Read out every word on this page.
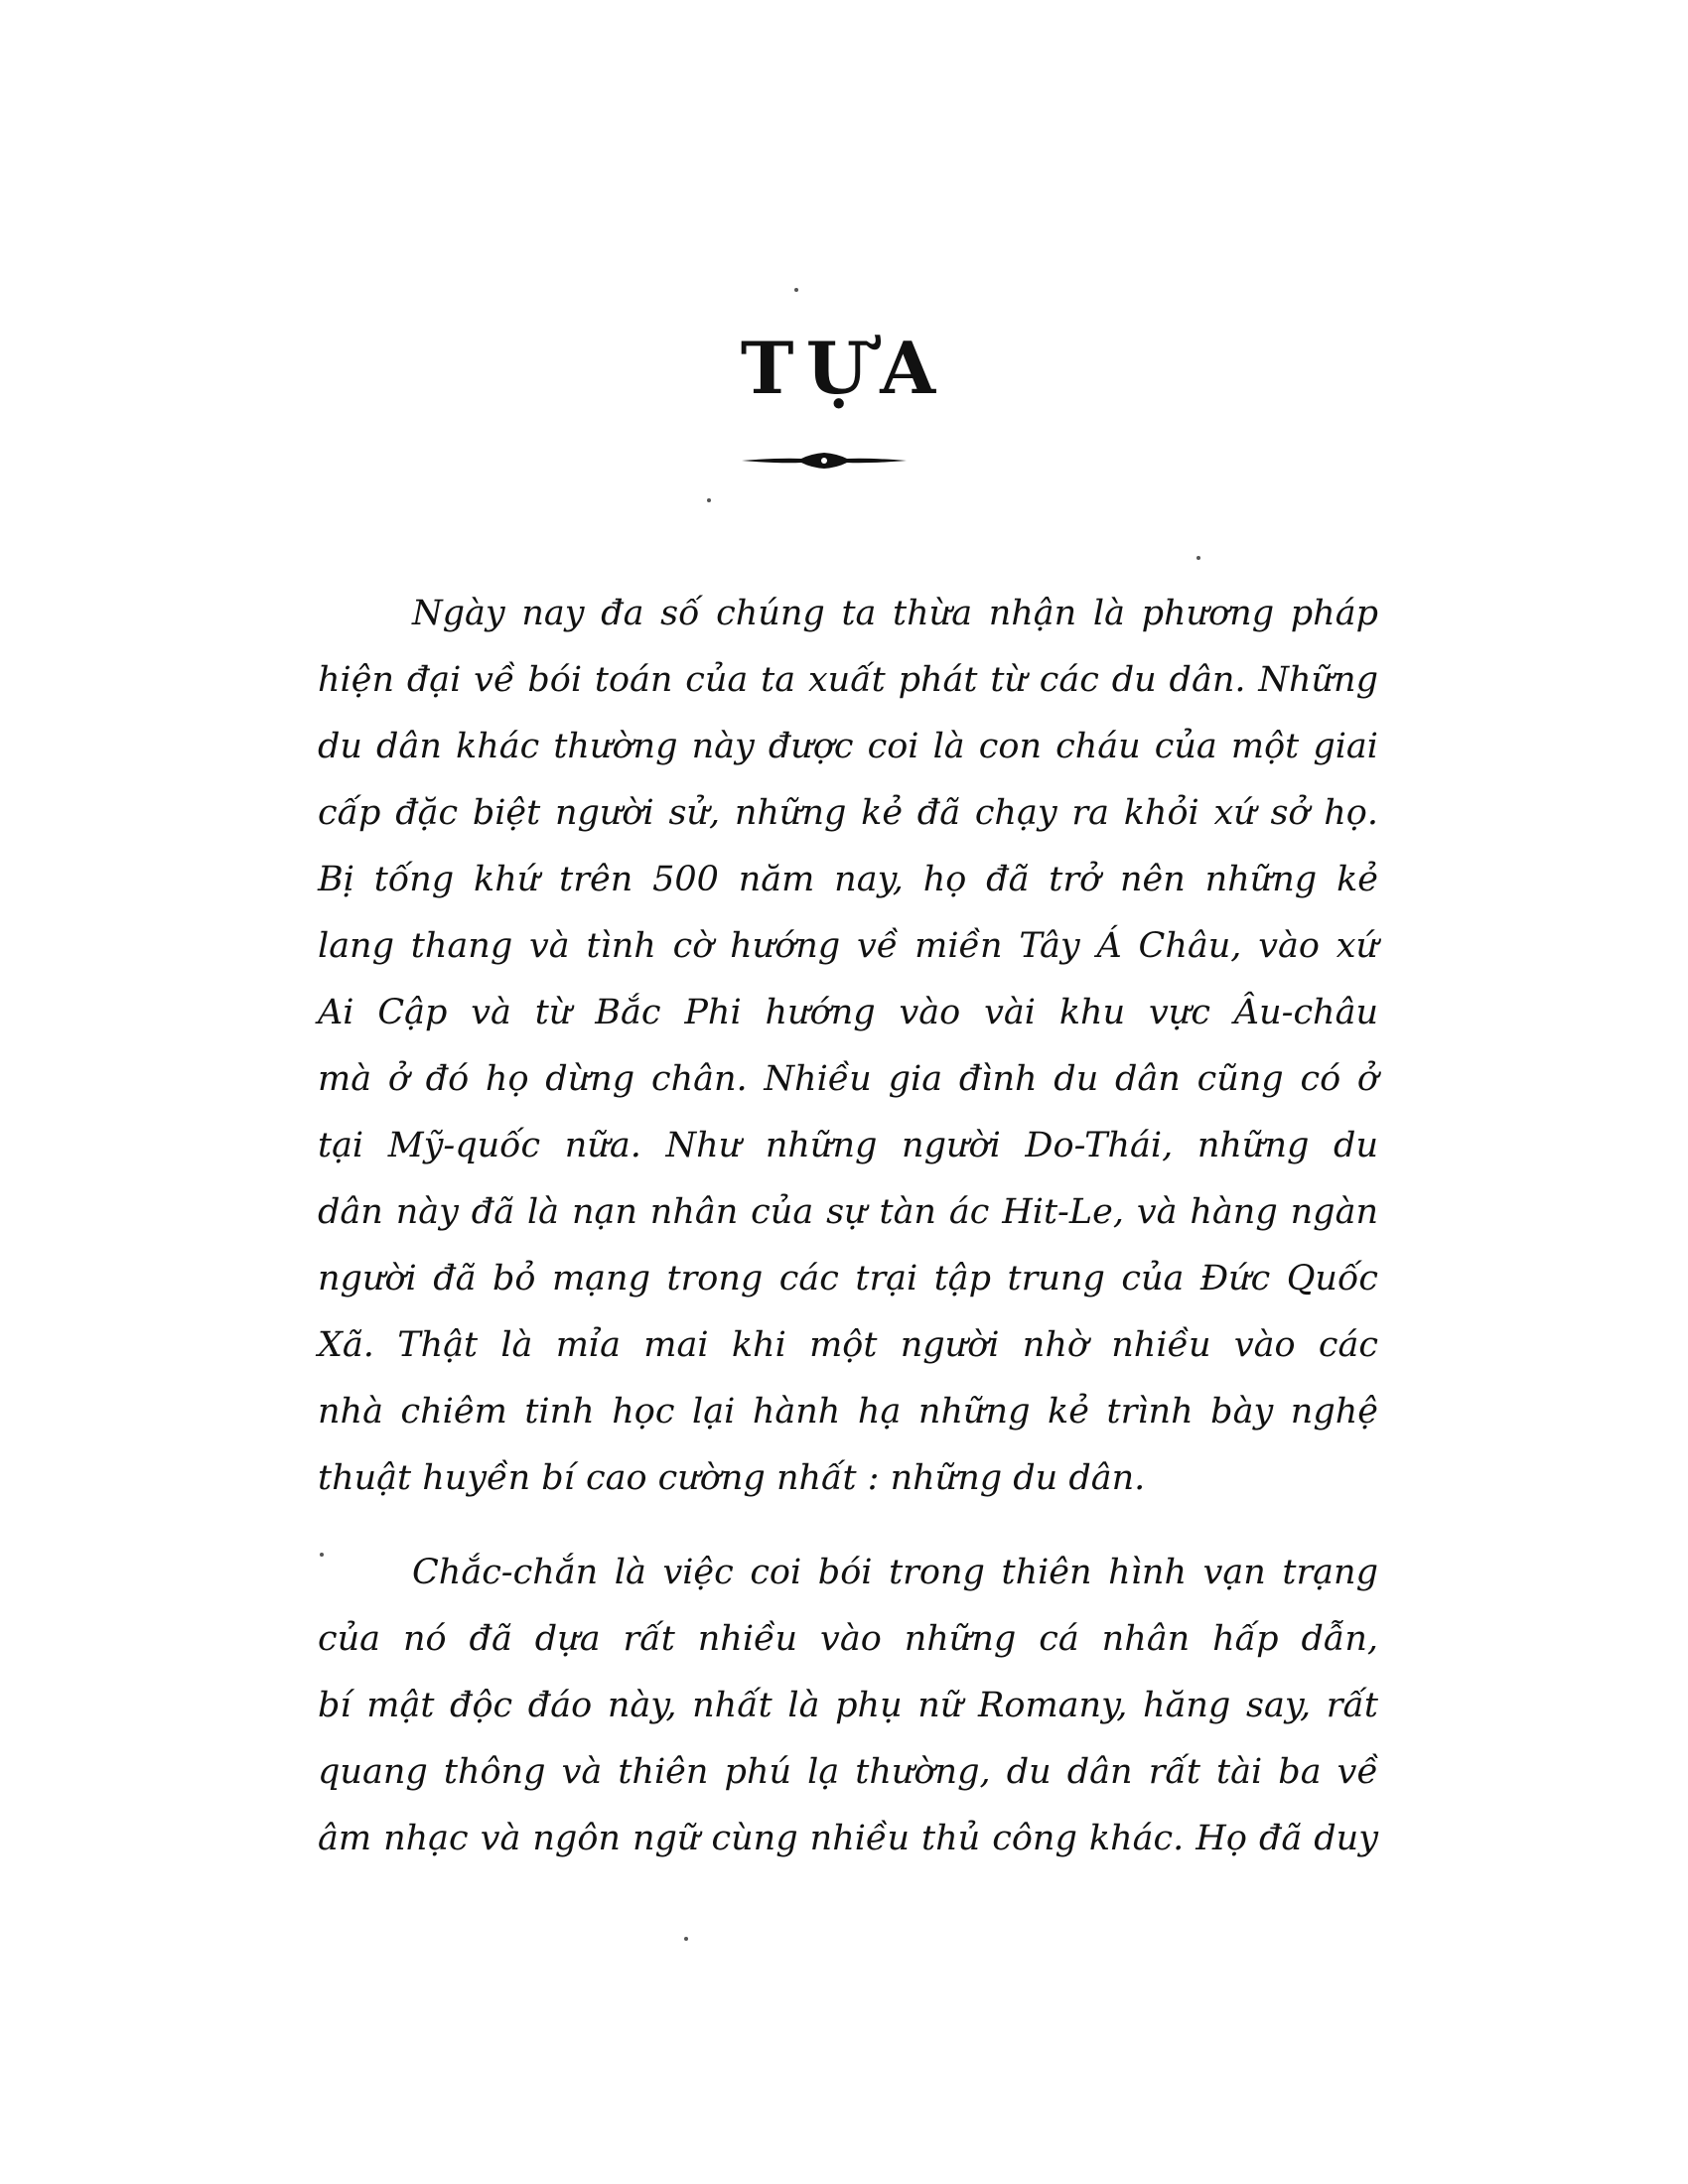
TỰA
Ngày nay đa số chúng ta thừa nhận là phương pháp
hiện đại về bói toán của ta xuất phát từ các du dân. Những
du dân khác thường này được coi là con cháu của một giai
cấp đặc biệt người sử, những kẻ đã chạy ra khỏi xứ sở họ.
Bị tống khứ trên 500 năm nay, họ đã trở nên những kẻ
lang thang và tình cờ hướng về miền Tây Á Châu, vào xứ
Ai Cập và từ Bắc Phi hướng vào vài khu vực Âu-châu
mà ở đó họ dừng chân. Nhiều gia đình du dân cũng có ở
tại Mỹ-quốc nữa. Như những người Do-Thái, những du
dân này đã là nạn nhân của sự tàn ác Hit-Le, và hàng ngàn
người đã bỏ mạng trong các trại tập trung của Đức Quốc
Xã. Thật là mỉa mai khi một người nhờ nhiều vào các
nhà chiêm tinh học lại hành hạ những kẻ trình bày nghệ
thuật huyền bí cao cường nhất : những du dân.
Chắc-chắn là việc coi bói trong thiên hình vạn trạng
của nó đã dựa rất nhiều vào những cá nhân hấp dẫn,
bí mật độc đáo này, nhất là phụ nữ Romany, hăng say, rất
quang thông và thiên phú lạ thường, du dân rất tài ba về
âm nhạc và ngôn ngữ cùng nhiều thủ công khác. Họ đã duy
